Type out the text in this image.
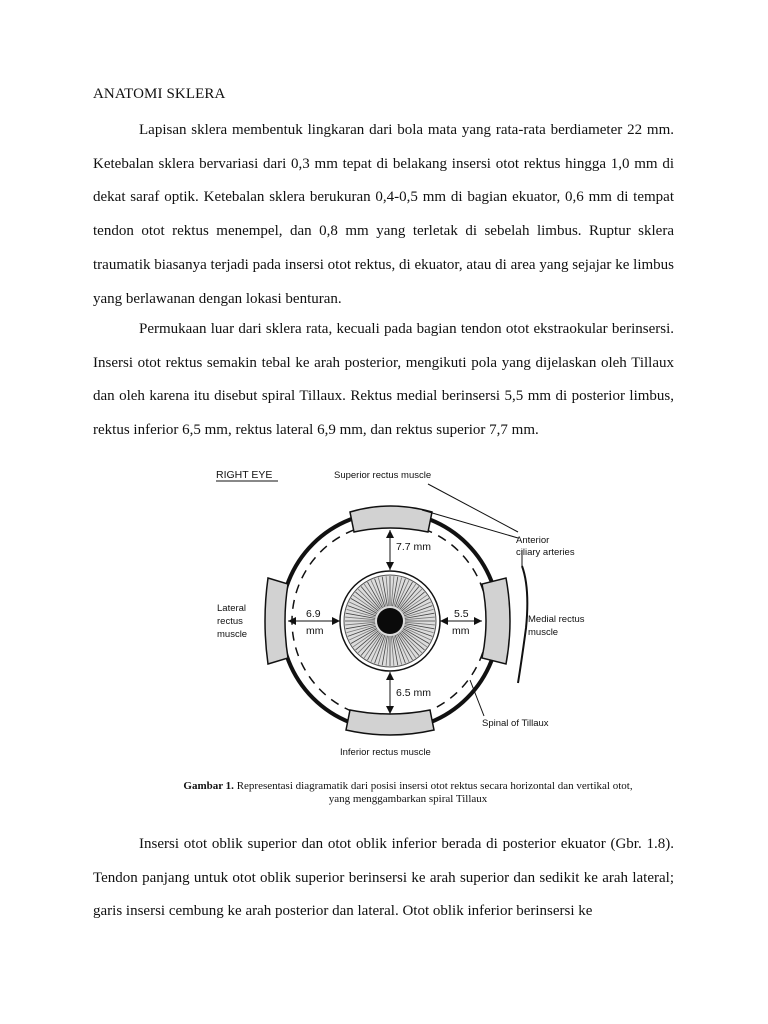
ANATOMI SKLERA

Lapisan sklera membentuk lingkaran dari bola mata yang rata-rata berdiameter 22 mm. Ketebalan sklera bervariasi dari 0,3 mm tepat di belakang insersi otot rektus hingga 1,0 mm di dekat saraf optik. Ketebalan sklera berukuran 0,4-0,5 mm di bagian ekuator, 0,6 mm di tempat tendon otot rektus menempel, dan 0,8 mm yang terletak di sebelah limbus. Ruptur sklera traumatik biasanya terjadi pada insersi otot rektus, di ekuator, atau di area yang sejajar ke limbus yang berlawanan dengan lokasi benturan.

Permukaan luar dari sklera rata, kecuali pada bagian tendon otot ekstraokular berinsersi. Insersi otot rektus semakin tebal ke arah posterior, mengikuti pola yang dijelaskan oleh Tillaux dan oleh karena itu disebut spiral Tillaux. Rektus medial berinsersi 5,5 mm di posterior limbus, rektus inferior 6,5 mm, rektus lateral 6,9 mm, dan rektus superior 7,7 mm.

RIGHT EYE
7.7 mm
6.5 mm
6.9
mm
5.5
mm
Superior rectus muscle
Anterior
ciliary arteries
Lateral
rectus
muscle
Medial rectus
muscle
Inferior rectus muscle
Spinal of Tillaux
Gambar 1. Representasi diagramatik dari posisi insersi otot rektus secara horizontal dan vertikal otot,
yang menggambarkan spiral Tillaux

Insersi otot oblik superior dan otot oblik inferior berada di posterior ekuator (Gbr. 1.8). Tendon panjang untuk otot oblik superior berinsersi ke arah superior dan sedikit ke arah lateral; garis insersi cembung ke arah posterior dan lateral. Otot oblik inferior berinsersi ke
